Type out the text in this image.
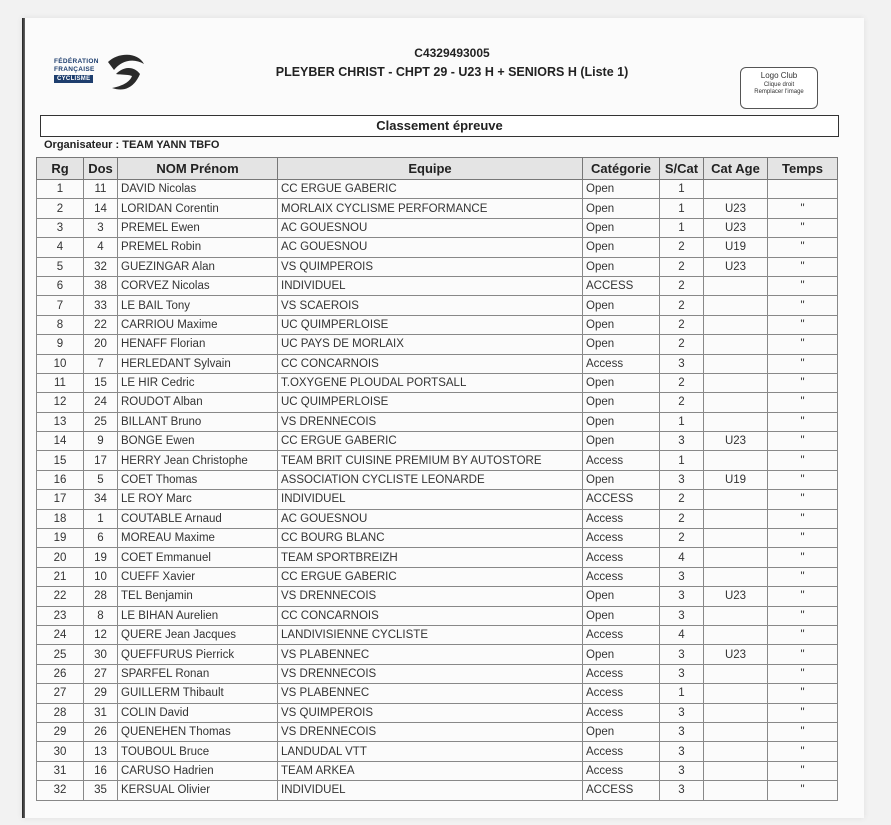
FÉDÉRATION
FRANÇAISE
CYCLISME
C4329493005
PLEYBER CHRIST - CHPT 29 - U23 H + SENIORS H (Liste 1)	Logo Club
Clique droit
Remplacer l'image
Classement épreuve
Organisateur : TEAM YANN TBFO
Rg	Dos	NOM Prénom	Equipe	Catégorie	S/Cat	Cat Age	Temps
1	11	DAVID Nicolas	CC ERGUE GABERIC	Open	1		
2	14	LORIDAN Corentin	MORLAIX CYCLISME PERFORMANCE	Open	1	U23	"
3	3	PREMEL Ewen	AC GOUESNOU	Open	1	U23	"
4	4	PREMEL Robin	AC GOUESNOU	Open	2	U19	"
5	32	GUEZINGAR Alan	VS QUIMPEROIS	Open	2	U23	"
6	38	CORVEZ Nicolas	INDIVIDUEL	ACCESS	2		"
7	33	LE BAIL Tony	VS SCAEROIS	Open	2		"
8	22	CARRIOU Maxime	UC QUIMPERLOISE	Open	2		"
9	20	HENAFF Florian	UC PAYS DE MORLAIX	Open	2		"
10	7	HERLEDANT Sylvain	CC CONCARNOIS	Access	3		"
11	15	LE HIR Cedric	T.OXYGENE PLOUDAL PORTSALL	Open	2		"
12	24	ROUDOT Alban	UC QUIMPERLOISE	Open	2		"
13	25	BILLANT Bruno	VS DRENNECOIS	Open	1		"
14	9	BONGE Ewen	CC ERGUE GABERIC	Open	3	U23	"
15	17	HERRY Jean Christophe	TEAM BRIT CUISINE PREMIUM BY AUTOSTORE	Access	1		"
16	5	COET Thomas	ASSOCIATION CYCLISTE LEONARDE	Open	3	U19	"
17	34	LE ROY Marc	INDIVIDUEL	ACCESS	2		"
18	1	COUTABLE Arnaud	AC GOUESNOU	Access	2		"
19	6	MOREAU Maxime	CC BOURG BLANC	Access	2		"
20	19	COET Emmanuel	TEAM SPORTBREIZH	Access	4		"
21	10	CUEFF Xavier	CC ERGUE GABERIC	Access	3		"
22	28	TEL Benjamin	VS DRENNECOIS	Open	3	U23	"
23	8	LE BIHAN Aurelien	CC CONCARNOIS	Open	3		"
24	12	QUERE Jean Jacques	LANDIVISIENNE CYCLISTE	Access	4		"
25	30	QUEFFURUS Pierrick	VS PLABENNEC	Open	3	U23	"
26	27	SPARFEL Ronan	VS DRENNECOIS	Access	3		"
27	29	GUILLERM Thibault	VS PLABENNEC	Access	1		"
28	31	COLIN David	VS QUIMPEROIS	Access	3		"
29	26	QUENEHEN Thomas	VS DRENNECOIS	Open	3		"
30	13	TOUBOUL Bruce	LANDUDAL VTT	Access	3		"
31	16	CARUSO Hadrien	TEAM ARKEA	Access	3		"
32	35	KERSUAL Olivier	INDIVIDUEL	ACCESS	3		"
